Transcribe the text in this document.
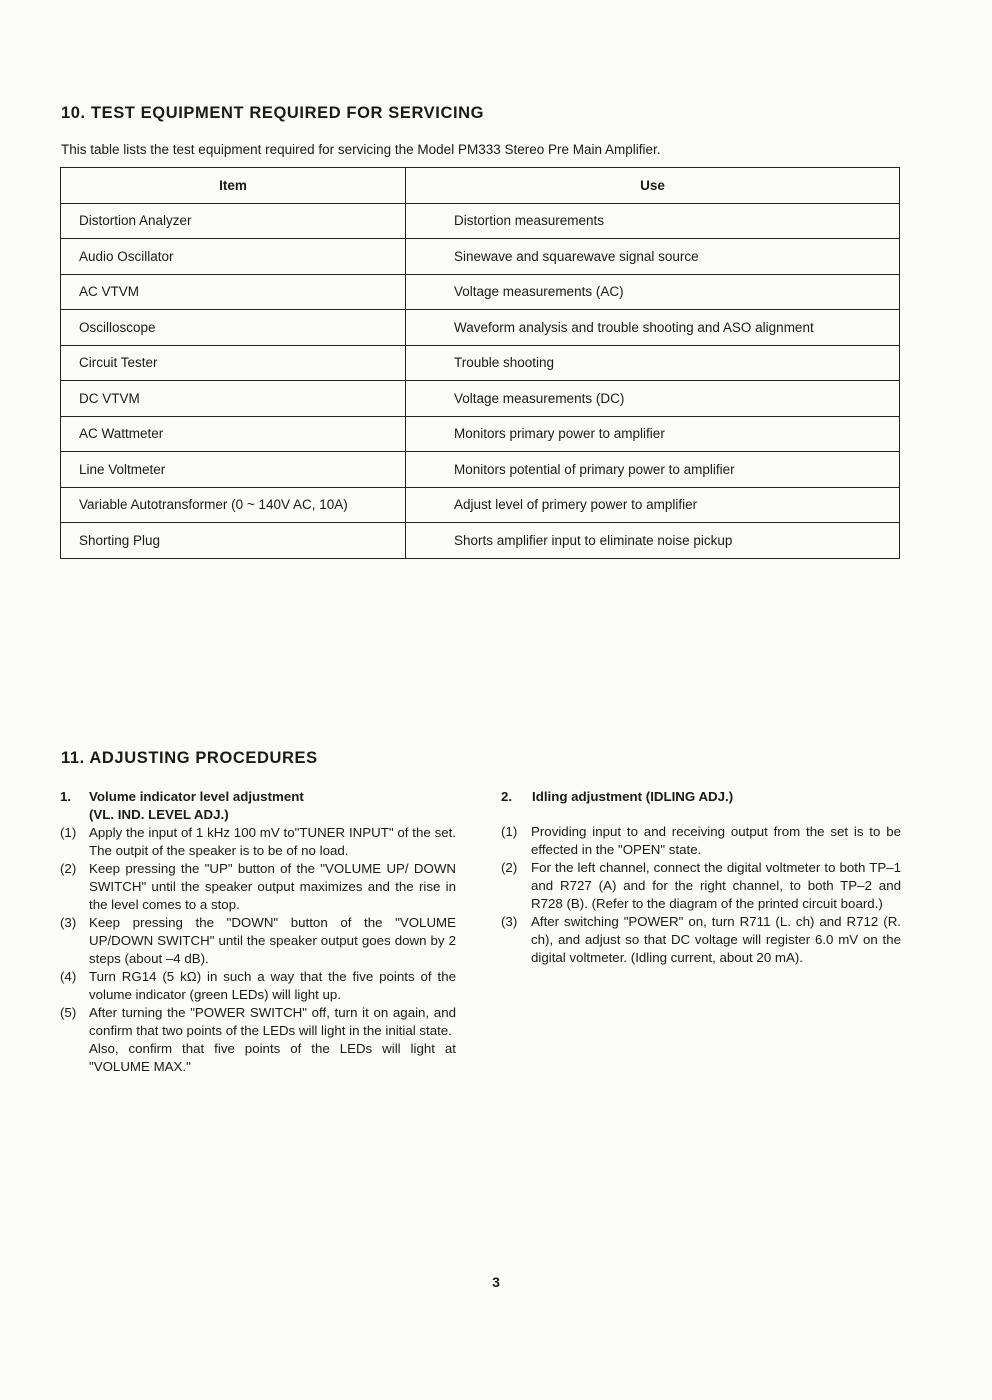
10. TEST EQUIPMENT REQUIRED FOR SERVICING

This table lists the test equipment required for servicing the Model PM333 Stereo Pre Main Amplifier.

Item	Use
Distortion Analyzer	Distortion measurements
Audio Oscillator	Sinewave and squarewave signal source
AC VTVM	Voltage measurements (AC)
Oscilloscope	Waveform analysis and trouble shooting and ASO alignment
Circuit Tester	Trouble shooting
DC VTVM	Voltage measurements (DC)
AC Wattmeter	Monitors primary power to amplifier
Line Voltmeter	Monitors potential of primary power to amplifier
Variable Autotransformer (0 ~ 140V AC, 10A)	Adjust level of primery power to amplifier
Shorting Plug	Shorts amplifier input to eliminate noise pickup
11. ADJUSTING PROCEDURES
1.	Volume indicator level adjustment
(VL. IND. LEVEL ADJ.)
(1) Apply the input of 1 kHz 100 mV to"TUNER INPUT" of the set. The outpit of the speaker is to be of no load.
(2) Keep pressing the "UP" button of the "VOLUME UP/ DOWN SWITCH" until the speaker output maximizes and the rise in the level comes to a stop.
(3) Keep pressing the "DOWN" button of the "VOLUME UP/DOWN SWITCH" until the speaker output goes down by 2 steps (about –4 dB).
(4) Turn RG14 (5 kΩ) in such a way that the five points of the volume indicator (green LEDs) will light up.
(5) After turning the "POWER SWITCH" off, turn it on again, and confirm that two points of the LEDs will light in the initial state.
Also, confirm that five points of the LEDs will light at "VOLUME MAX."
2.	Idling adjustment (IDLING ADJ.)
(1)	Providing input to and receiving output from the set is to be effected in the "OPEN" state.
(2)	For the left channel, connect the digital voltmeter to both TP–1 and R727 (A) and for the right channel, to both TP–2 and R728 (B). (Refer to the diagram of the printed circuit board.)
(3)	After switching "POWER" on, turn R711 (L. ch) and R712 (R. ch), and adjust so that DC voltage will register 6.0 mV on the digital voltmeter. (Idling current, about 20 mA).
3
